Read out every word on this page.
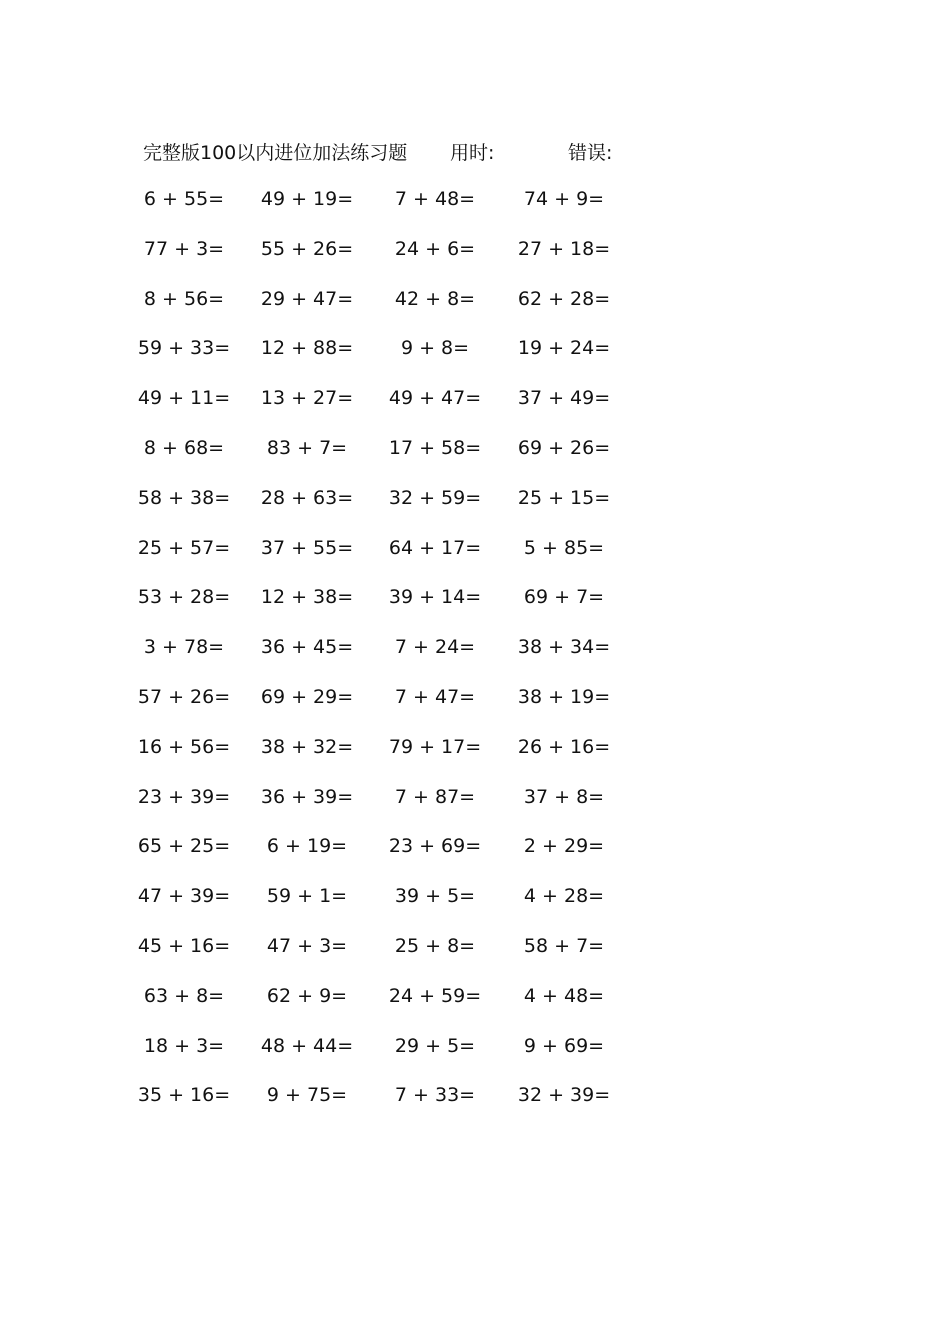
完整版100以内进位加法练习题 用时:	错误:
6 + 55=	49 + 19=	7 + 48=	74 + 9=
77 + 3=	55 + 26=	24 + 6=	27 + 18=
8 + 56=	29 + 47=	42 + 8=	62 + 28=
59 + 33=	12 + 88=	9 + 8=	19 + 24=
49 + 11=	13 + 27=	49 + 47=	37 + 49=
8 + 68=	83 + 7=	17 + 58=	69 + 26=
58 + 38=	28 + 63=	32 + 59=	25 + 15=
25 + 57=	37 + 55=	64 + 17=	5 + 85=
53 + 28=	12 + 38=	39 + 14=	69 + 7=
3 + 78=	36 + 45=	7 + 24=	38 + 34=
57 + 26=	69 + 29=	7 + 47=	38 + 19=
16 + 56=	38 + 32=	79 + 17=	26 + 16=
23 + 39=	36 + 39=	7 + 87=	37 + 8=
65 + 25=	6 + 19=	23 + 69=	2 + 29=
47 + 39=	59 + 1=	39 + 5=	4 + 28=
45 + 16=	47 + 3=	25 + 8=	58 + 7=
63 + 8=	62 + 9=	24 + 59=	4 + 48=
18 + 3=	48 + 44=	29 + 5=	9 + 69=
35 + 16=	9 + 75=	7 + 33=	32 + 39=
